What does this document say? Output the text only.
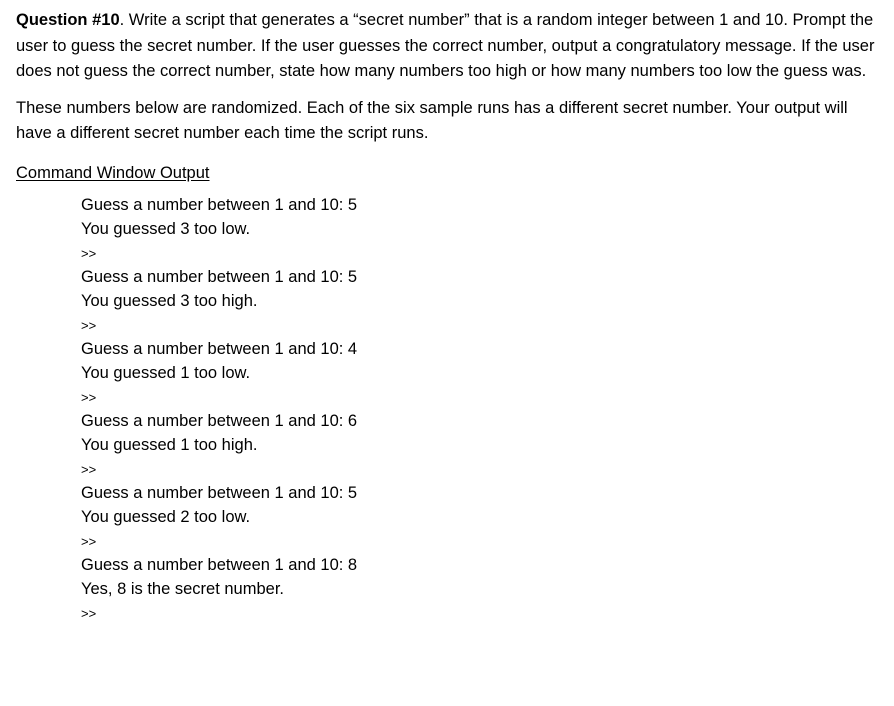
Question #10. Write a script that generates a “secret number” that is a random integer between 1 and 10. Prompt the user to guess the secret number. If the user guesses the correct number, output a congratulatory message. If the user does not guess the correct number, state how many numbers too high or how many numbers too low the guess was.

These numbers below are randomized. Each of the six sample runs has a different secret number. Your output will have a different secret number each time the script runs.

Command Window Output
Guess a number between 1 and 10: 5
You guessed 3 too low.
>>
Guess a number between 1 and 10: 5
You guessed 3 too high.
>>
Guess a number between 1 and 10: 4
You guessed 1 too low.
>>
Guess a number between 1 and 10: 6
You guessed 1 too high.
>>
Guess a number between 1 and 10: 5
You guessed 2 too low.
>>
Guess a number between 1 and 10: 8
Yes, 8 is the secret number.
>>
